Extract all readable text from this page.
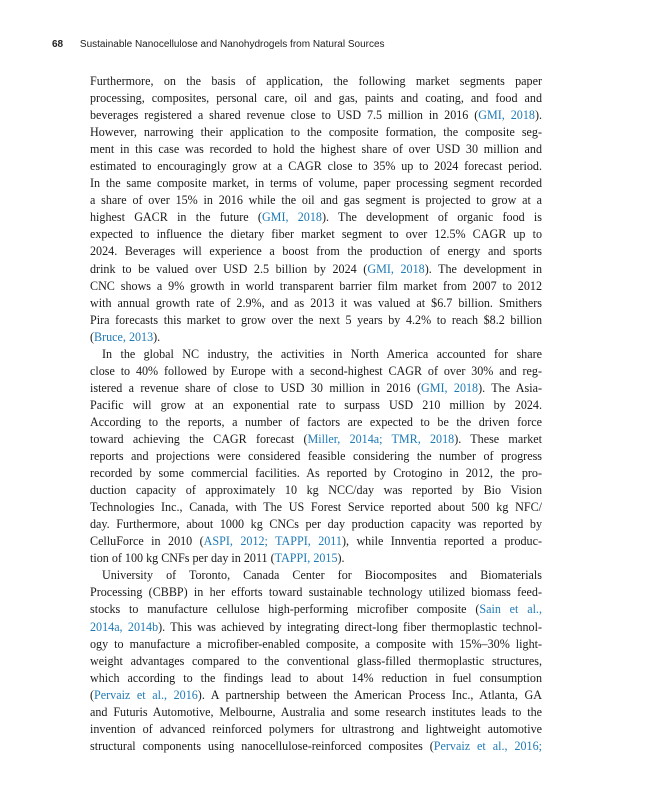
68 Sustainable Nanocellulose and Nanohydrogels from Natural Sources
Furthermore, on the basis of application, the following market segments paper
processing, composites, personal care, oil and gas, paints and coating, and food and
beverages registered a shared revenue close to USD 7.5 million in 2016 (GMI, 2018).
However, narrowing their application to the composite formation, the composite seg-
ment in this case was recorded to hold the highest share of over USD 30 million and
estimated to encouragingly grow at a CAGR close to 35% up to 2024 forecast period.
In the same composite market, in terms of volume, paper processing segment recorded
a share of over 15% in 2016 while the oil and gas segment is projected to grow at a
highest GACR in the future (GMI, 2018). The development of organic food is
expected to influence the dietary fiber market segment to over 12.5% CAGR up to
2024. Beverages will experience a boost from the production of energy and sports
drink to be valued over USD 2.5 billion by 2024 (GMI, 2018). The development in
CNC shows a 9% growth in world transparent barrier film market from 2007 to 2012
with annual growth rate of 2.9%, and as 2013 it was valued at $6.7 billion. Smithers
Pira forecasts this market to grow over the next 5 years by 4.2% to reach $8.2 billion
(Bruce, 2013).
In the global NC industry, the activities in North America accounted for share
close to 40% followed by Europe with a second-highest CAGR of over 30% and reg-
istered a revenue share of close to USD 30 million in 2016 (GMI, 2018). The Asia-
Pacific will grow at an exponential rate to surpass USD 210 million by 2024.
According to the reports, a number of factors are expected to be the driven force
toward achieving the CAGR forecast (Miller, 2014a; TMR, 2018). These market
reports and projections were considered feasible considering the number of progress
recorded by some commercial facilities. As reported by Crotogino in 2012, the pro-
duction capacity of approximately 10 kg NCC/day was reported by Bio Vision
Technologies Inc., Canada, with The US Forest Service reported about 500 kg NFC/
day. Furthermore, about 1000 kg CNCs per day production capacity was reported by
CelluForce in 2010 (ASPI, 2012; TAPPI, 2011), while Innventia reported a produc-
tion of 100 kg CNFs per day in 2011 (TAPPI, 2015).
University of Toronto, Canada Center for Biocomposites and Biomaterials
Processing (CBBP) in her efforts toward sustainable technology utilized biomass feed-
stocks to manufacture cellulose high-performing microfiber composite (Sain et al.,
2014a, 2014b). This was achieved by integrating direct-long fiber thermoplastic technol-
ogy to manufacture a microfiber-enabled composite, a composite with 15%–30% light-
weight advantages compared to the conventional glass-filled thermoplastic structures,
which according to the findings lead to about 14% reduction in fuel consumption
(Pervaiz et al., 2016). A partnership between the American Process Inc., Atlanta, GA
and Futuris Automotive, Melbourne, Australia and some research institutes leads to the
invention of advanced reinforced polymers for ultrastrong and lightweight automotive
structural components using nanocellulose-reinforced composites (Pervaiz et al., 2016;
